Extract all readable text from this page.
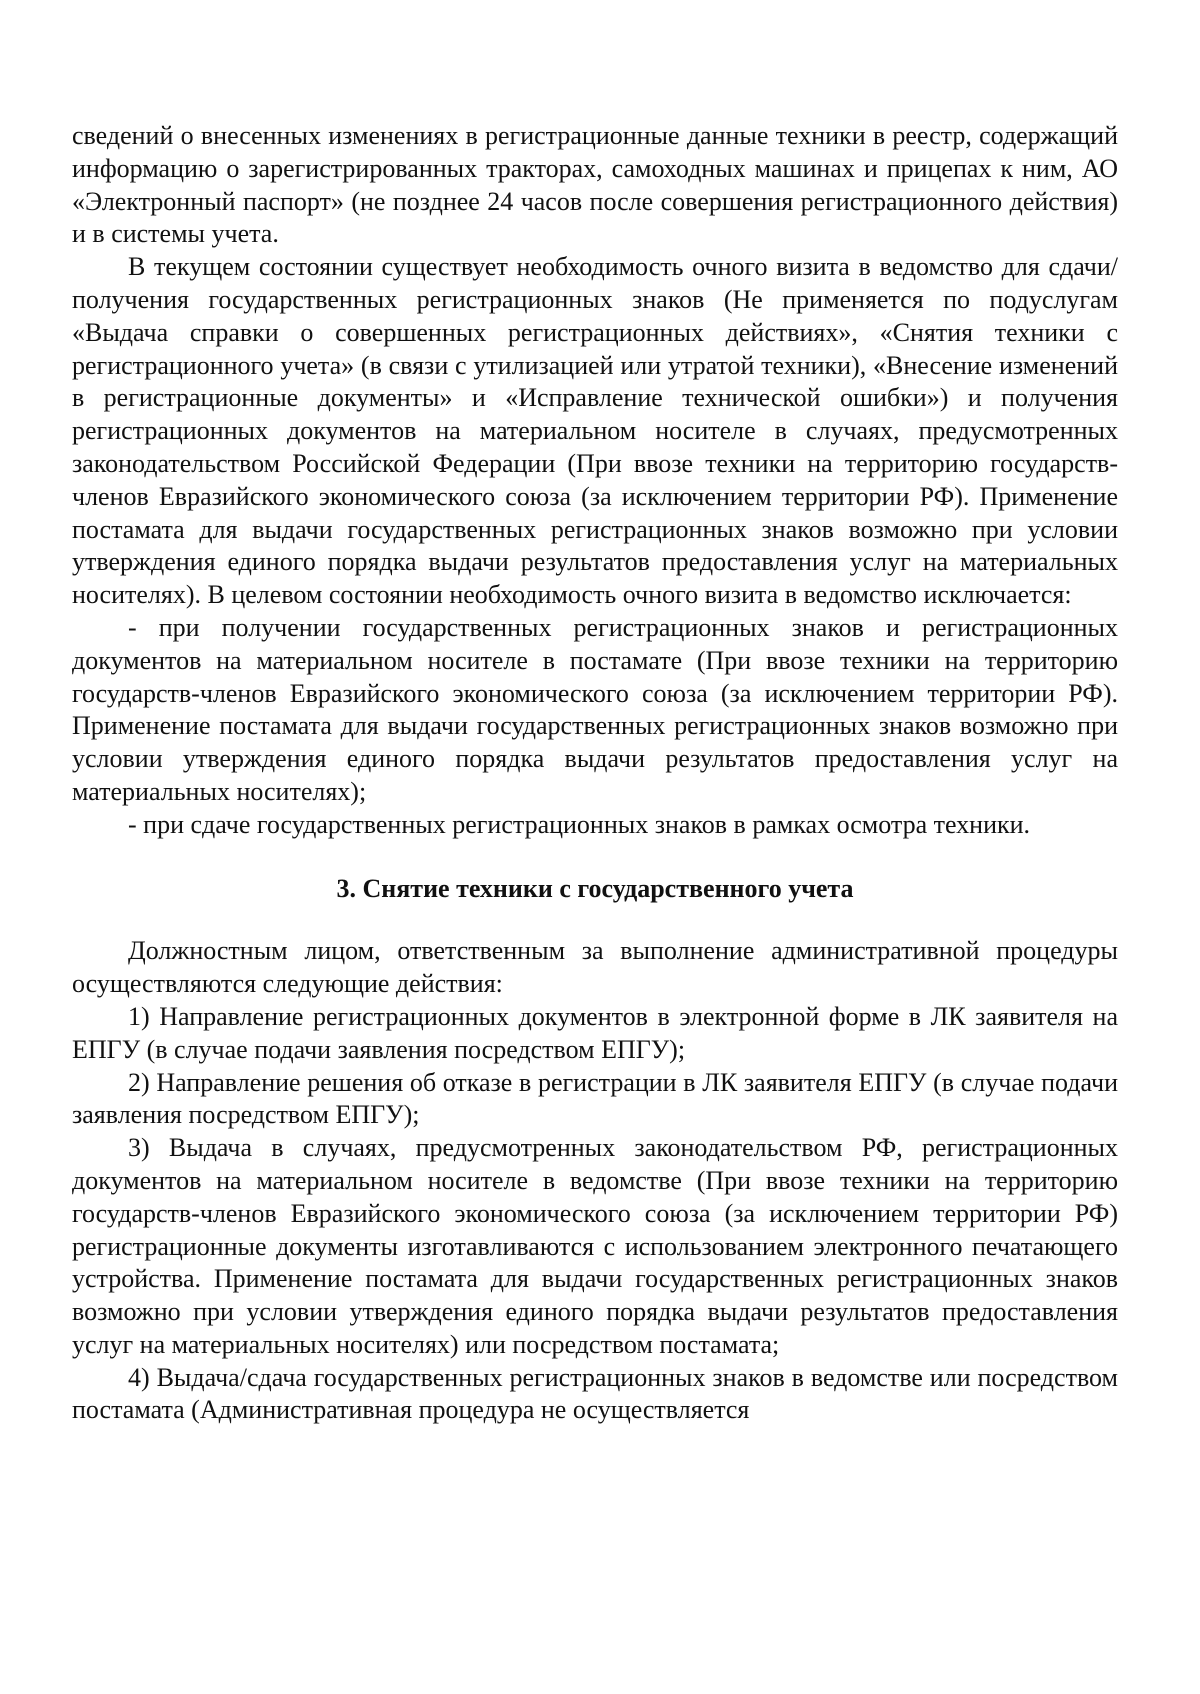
сведений о внесенных изменениях в регистрационные данные техники в реестр, содержащий информацию о зарегистрированных тракторах, самоходных машинах и прицепах к ним, АО «Электронный паспорт» (не позднее 24 часов после совершения регистрационного действия) и в системы учета.

В текущем состоянии существует необходимость очного визита в ведомство для сдачи/получения государственных регистрационных знаков (Не применяется по подуслугам «Выдача справки о совершенных регистрационных действиях», «Снятия техники с регистрационного учета» (в связи с утилизацией или утратой техники), «Внесение изменений в регистрационные документы» и «Исправление технической ошибки») и получения регистрационных документов на материальном носителе в случаях, предусмотренных законодательством Российской Федерации (При ввозе техники на территорию государств-членов Евразийского экономического союза (за исключением территории РФ). Применение постамата для выдачи государственных регистрационных знаков возможно при условии утверждения единого порядка выдачи результатов предоставления услуг на материальных носителях). В целевом состоянии необходимость очного визита в ведомство исключается:

- при получении государственных регистрационных знаков и регистрационных документов на материальном носителе в постамате (При ввозе техники на территорию государств-членов Евразийского экономического союза (за исключением территории РФ). Применение постамата для выдачи государственных регистрационных знаков возможно при условии утверждения единого порядка выдачи результатов предоставления услуг на материальных носителях);

- при сдаче государственных регистрационных знаков в рамках осмотра техники.

3. Снятие техники с государственного учета

Должностным лицом, ответственным за выполнение административной процедуры осуществляются следующие действия:

1) Направление регистрационных документов в электронной форме в ЛК заявителя на ЕПГУ (в случае подачи заявления посредством ЕПГУ);

2) Направление решения об отказе в регистрации в ЛК заявителя ЕПГУ (в случае подачи заявления посредством ЕПГУ);

3) Выдача в случаях, предусмотренных законодательством РФ, регистрационных документов на материальном носителе в ведомстве (При ввозе техники на территорию государств-членов Евразийского экономического союза (за исключением территории РФ) регистрационные документы изготавливаются с использованием электронного печатающего устройства. Применение постамата для выдачи государственных регистрационных знаков возможно при условии утверждения единого порядка выдачи результатов предоставления услуг на материальных носителях) или посредством постамата;

4) Выдача/сдача государственных регистрационных знаков в ведомстве или посредством постамата (Административная процедура не осуществляется
